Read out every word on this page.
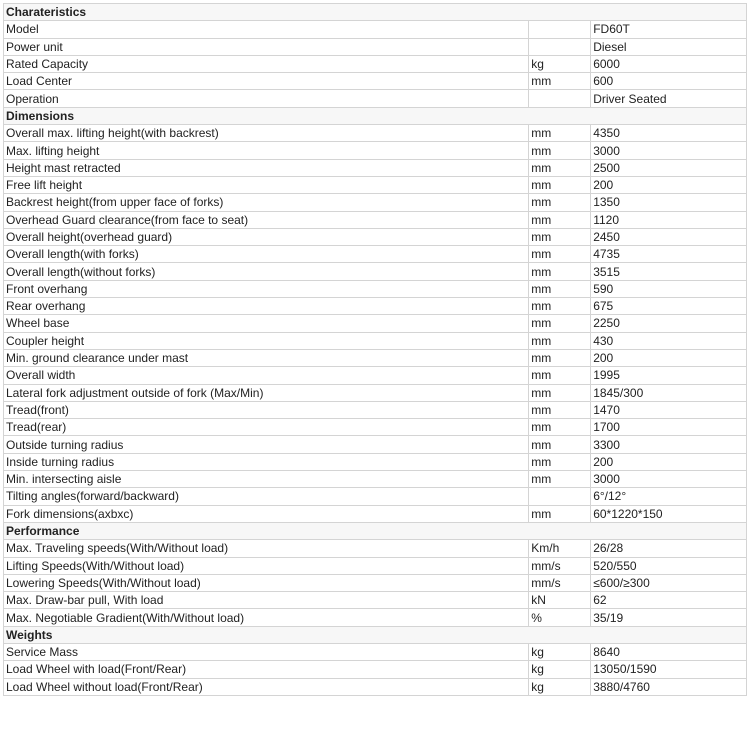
Charateristics		
Model		FD60T
Power unit		Diesel
Rated Capacity	kg	6000
Load Center	mm	600
Operation		Driver Seated
Dimensions		
Overall max. lifting height(with backrest)	mm	4350
Max. lifting height	mm	3000
Height mast retracted	mm	2500
Free lift height	mm	200
Backrest height(from upper face of forks)	mm	1350
Overhead Guard clearance(from face to seat)	mm	1120
Overall height(overhead guard)	mm	2450
Overall length(with forks)	mm	4735
Overall length(without forks)	mm	3515
Front overhang	mm	590
Rear overhang	mm	675
Wheel base	mm	2250
Coupler height	mm	430
Min. ground clearance under mast	mm	200
Overall width	mm	1995
Lateral fork adjustment outside of fork (Max/Min)	mm	1845/300
Tread(front)	mm	1470
Tread(rear)	mm	1700
Outside turning radius	mm	3300
Inside turning radius	mm	200
Min. intersecting aisle	mm	3000
Tilting angles(forward/backward)		6°/12°
Fork dimensions(axbxc)	mm	60*1220*150
Performance		
Max. Traveling speeds(With/Without load)	Km/h	26/28
Lifting Speeds(With/Without load)	mm/s	520/550
Lowering Speeds(With/Without load)	mm/s	≤600/≥300
Max. Draw-bar pull, With load	kN	62
Max. Negotiable Gradient(With/Without load)	%	35/19
Weights		
Service Mass	kg	8640
Load Wheel with load(Front/Rear)	kg	13050/1590
Load Wheel without load(Front/Rear)	kg	3880/4760
